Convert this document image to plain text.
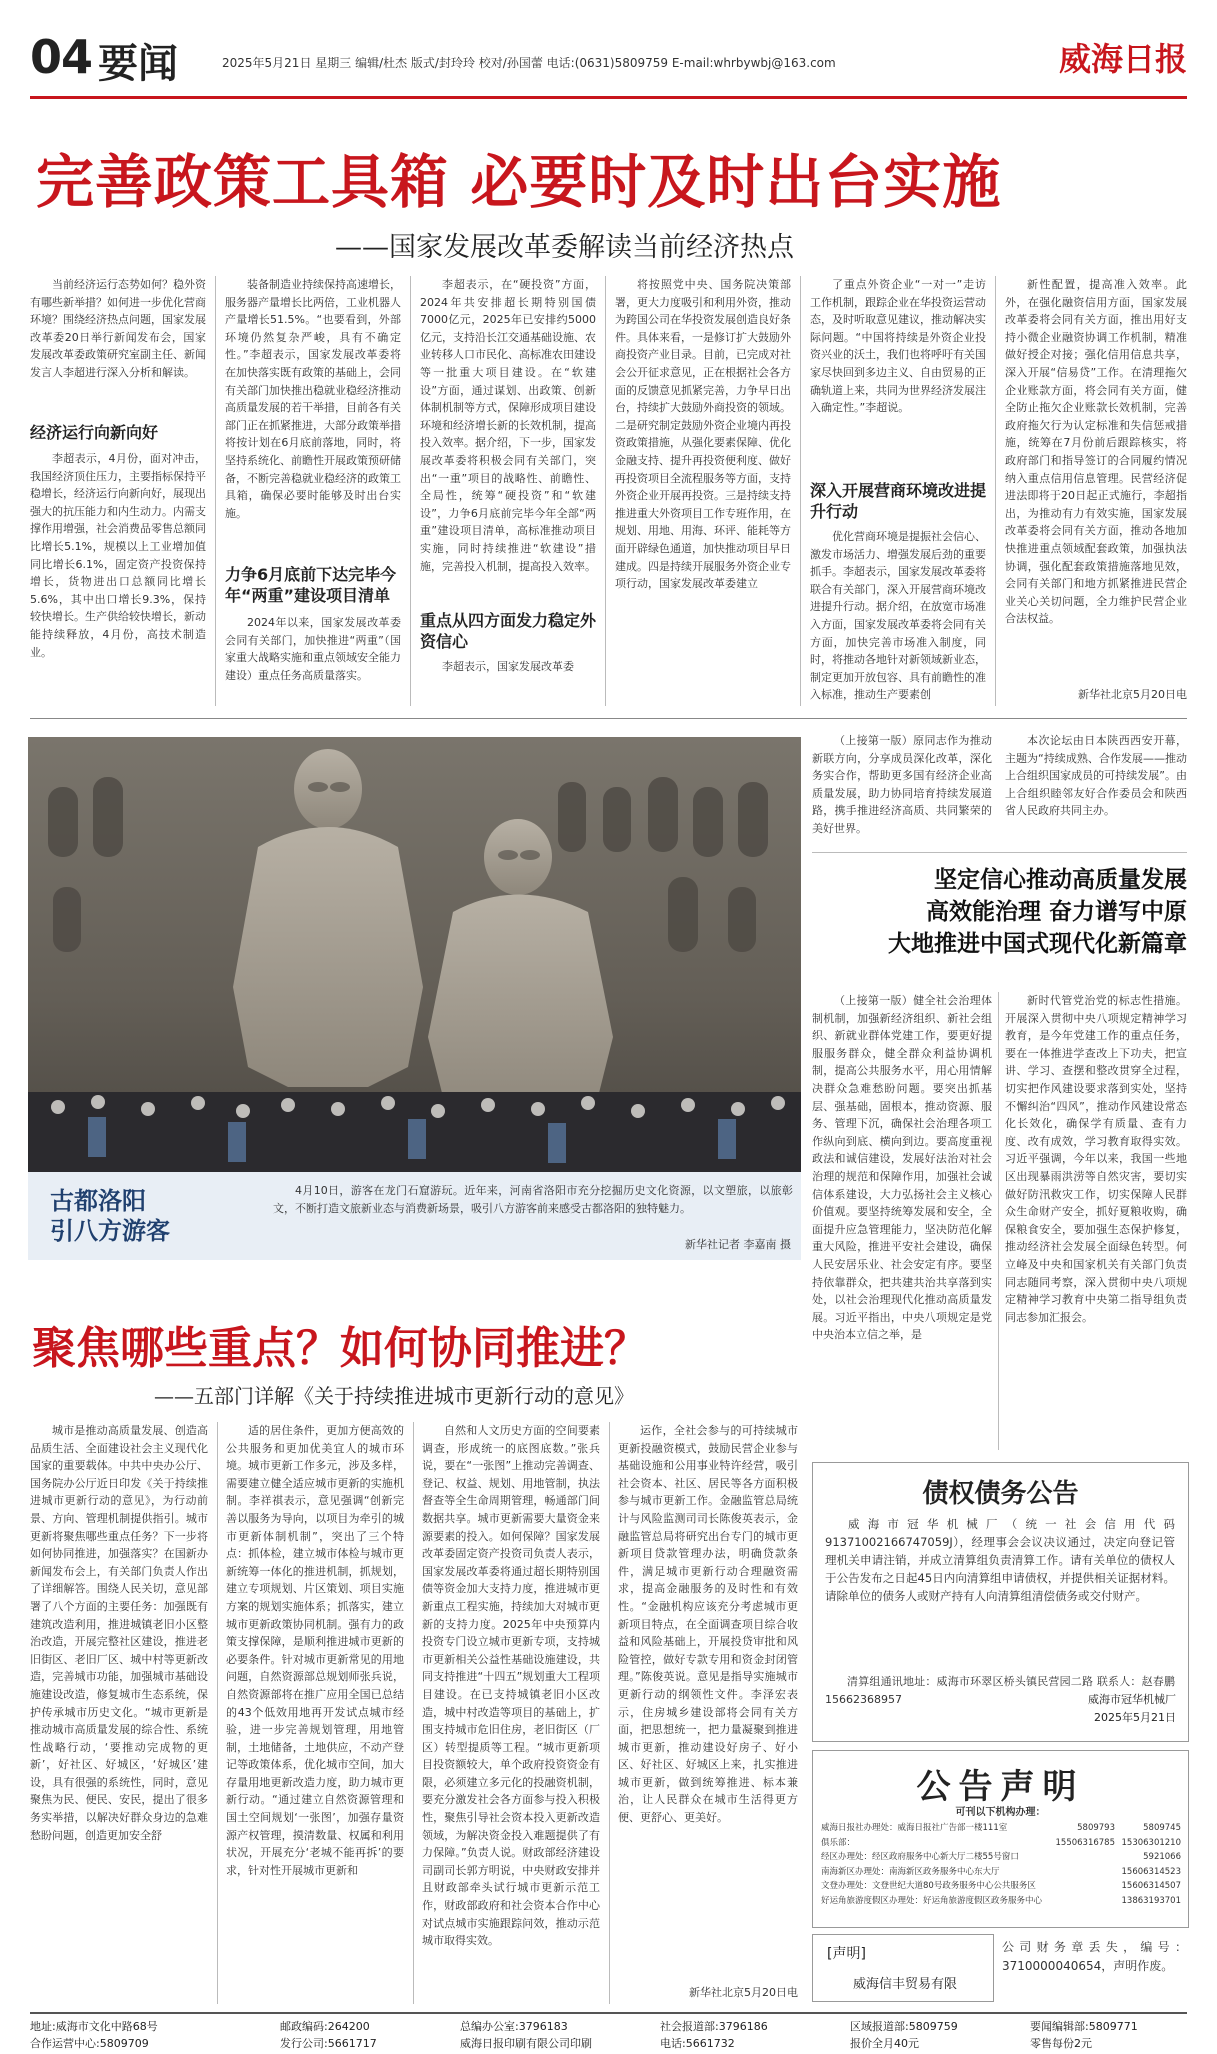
04 要闻	2025年5月21日 星期三 编辑/杜杰 版式/封玲玲 校对/孙国蕾 电话:(0631)5809759 E-mail:whrbywbj@163.com	威海日报
完善政策工具箱 必要时及时出台实施
——国家发展改革委解读当前经济热点

当前经济运行态势如何？稳外资有哪些新举措？如何进一步优化营商环境？围绕经济热点问题，国家发展改革委20日举行新闻发布会，国家发展改革委政策研究室副主任、新闻发言人李超进行深入分析和解读。

经济运行向新向好

李超表示，4月份，面对冲击，我国经济顶住压力，主要指标保持平稳增长，经济运行向新向好，展现出强大的抗压能力和内生动力。内需支撑作用增强，社会消费品零售总额同比增长5.1%，规模以上工业增加值同比增长6.1%，固定资产投资保持增长，货物进出口总额同比增长5.6%，其中出口增长9.3%，保持较快增长。生产供给较快增长，新动能持续释放，4月份，高技术制造业。

装备制造业持续保持高速增长，服务器产量增长比两倍，工业机器人产量增长51.5%。“也要看到，外部环境仍然复杂严峻，具有不确定性。”李超表示，国家发展改革委将在加快落实既有政策的基础上，会同有关部门加快推出稳就业稳经济推动高质量发展的若干举措，目前各有关部门正在抓紧推进，大部分政策举措将按计划在6月底前落地，同时，将坚持系统化、前瞻性开展政策预研储备，不断完善稳就业稳经济的政策工具箱，确保必要时能够及时出台实施。

力争6月底前下达完毕今年“两重”建设项目清单

2024年以来，国家发展改革委会同有关部门，加快推进“两重”（国家重大战略实施和重点领域安全能力建设）重点任务高质量落实。

李超表示，在“硬投资”方面，2024年共安排超长期特别国债7000亿元，2025年已安排约5000亿元，支持沿长江交通基础设施、农业转移人口市民化、高标准农田建设等一批重大项目建设。在“软建设”方面，通过谋划、出政策、创新体制机制等方式，保障形成项目建设环境和经济增长新的长效机制，提高投入效率。据介绍，下一步，国家发展改革委将积极会同有关部门，突出“一重”项目的战略性、前瞻性、全局性，统筹“硬投资”和“软建设”，力争6月底前完毕今年全部“两重”建设项目清单，高标准推动项目实施，同时持续推进“软建设”措施，完善投入机制，提高投入效率。

重点从四方面发力稳定外资信心

李超表示，国家发展改革委

将按照党中央、国务院决策部署，更大力度吸引和利用外资，推动为跨国公司在华投资发展创造良好条件。具体来看，一是修订扩大鼓励外商投资产业目录。目前，已完成对社会公开征求意见，正在根据社会各方面的反馈意见抓紧完善，力争早日出台，持续扩大鼓励外商投资的领域。二是研究制定鼓励外资企业境内再投资政策措施，从强化要素保障、优化金融支持、提升再投资便利度、做好再投资项目全流程服务等方面，支持外资企业开展再投资。三是持续支持推进重大外资项目工作专班作用，在规划、用地、用海、环评、能耗等方面开辟绿色通道，加快推动项目早日建成。四是持续开展服务外资企业专项行动，国家发展改革委建立

了重点外资企业“一对一”走访工作机制，跟踪企业在华投资运营动态，及时听取意见建议，推动解决实际问题。“中国将持续是外资企业投资兴业的沃土，我们也将呼吁有关国家尽快回到多边主义、自由贸易的正确轨道上来，共同为世界经济发展注入确定性。”李超说。

深入开展营商环境改进提升行动

优化营商环境是提振社会信心、激发市场活力、增强发展后劲的重要抓手。李超表示，国家发展改革委将联合有关部门，深入开展营商环境改进提升行动。据介绍，在放宽市场准入方面，国家发展改革委将会同有关方面，加快完善市场准入制度，同时，将推动各地针对新领域新业态，制定更加开放包容、具有前瞻性的准入标准，推动生产要素创

新性配置，提高准入效率。此外，在强化融资信用方面，国家发展改革委将会同有关方面，推出用好支持小微企业融资协调工作机制，精准做好授企对接；强化信用信息共享，深入开展“信易贷”工作。在清理拖欠企业账款方面，将会同有关方面，健全防止拖欠企业账款长效机制，完善政府拖欠行为认定标准和失信惩戒措施，统筹在7月份前后跟踪核实，将政府部门和指导签订的合同履约情况纳入重点信用信息管理。民营经济促进法即将于20日起正式施行，李超指出，为推动有力有效实施，国家发展改革委将会同有关方面，推动各地加快推进重点领域配套政策，加强执法协调，强化配套政策措施落地见效，会同有关部门和地方抓紧推进民营企业关心关切问题，全力维护民营企业合法权益。

新华社北京5月20日电
古都洛阳
引八方游客

4月10日，游客在龙门石窟游玩。近年来，河南省洛阳市充分挖掘历史文化资源，以文塑旅，以旅彰文，不断打造文旅新业态与消费新场景，吸引八方游客前来感受古都洛阳的独特魅力。

新华社记者 李嘉南 摄

（上接第一版）原同志作为推动新联方向，分享成员深化改革，深化务实合作，帮助更多国有经济企业高质量发展，助力协同培育持续发展道路，携手推进经济高质、共同繁荣的美好世界。

本次论坛由日本陕西西安开幕，主题为“持续成熟、合作发展——推动上合组织国家成员的可持续发展”。由上合组织睦邻友好合作委员会和陕西省人民政府共同主办。

坚定信心推动高质量发展
高效能治理 奋力谱写中原
大地推进中国式现代化新篇章

（上接第一版）健全社会治理体制机制，加强新经济组织、新社会组织、新就业群体党建工作，要更好提服服务群众，健全群众利益协调机制，提高公共服务水平，用心用情解决群众急难愁盼问题。要突出抓基层、强基础，固根本，推动资源、服务、管理下沉，确保社会治理各项工作纵向到底、横向到边。要高度重视政法和诚信建设，发展好法治对社会治理的规范和保障作用，加强社会诚信体系建设，大力弘扬社会主义核心价值观。要坚持统筹发展和安全，全面提升应急管理能力，坚决防范化解重大风险，推进平安社会建设，确保人民安居乐业、社会安定有序。要坚持依靠群众，把共建共治共享落到实处，以社会治理现代化推动高质量发展。习近平指出，中央八项规定是党中央治本立信之举，是

新时代管党治党的标志性措施。开展深入贯彻中央八项规定精神学习教育，是今年党建工作的重点任务，要在一体推进学查改上下功夫，把宣讲、学习、查摆和整改贯穿全过程，切实把作风建设要求落到实处，坚持不懈纠治“四风”，推动作风建设常态化长效化，确保学有质量、查有力度、改有成效，学习教育取得实效。习近平强调，今年以来，我国一些地区出现暴雨洪涝等自然灾害，要切实做好防汛救灾工作，切实保障人民群众生命财产安全，抓好夏粮收购，确保粮食安全，要加强生态保护修复，推动经济社会发展全面绿色转型。何立峰及中央和国家机关有关部门负责同志随同考察，深入贯彻中央八项规定精神学习教育中央第二指导组负责同志参加汇报会。

聚焦哪些重点？如何协同推进？
——五部门详解《关于持续推进城市更新行动的意见》

城市是推动高质量发展、创造高品质生活、全面建设社会主义现代化国家的重要载体。中共中央办公厅、国务院办公厅近日印发《关于持续推进城市更新行动的意见》，为行动前景、方向、管理机制提供指引。城市更新将聚焦哪些重点任务？下一步将如何协同推进，加强落实？在国新办新闻发布会上，有关部门负责人作出了详细解答。围绕人民关切，意见部署了八个方面的主要任务：加强既有建筑改造利用，推进城镇老旧小区整治改造，开展完整社区建设，推进老旧街区、老旧厂区、城中村等更新改造，完善城市功能，加强城市基础设施建设改造，修复城市生态系统，保护传承城市历史文化。“城市更新是推动城市高质量发展的综合性、系统性战略行动，‘要推动完成物的更新’，好社区、好城区，‘好城区’建设，具有很强的系统性，同时，意见聚焦为民、便民、安民，提出了很多务实举措，以解决好群众身边的急难愁盼问题，创造更加安全舒

适的居住条件，更加方便高效的公共服务和更加优美宜人的城市环境。城市更新工作多元，涉及多样，需要建立健全适应城市更新的实施机制。李祥祺表示，意见强调“创新完善以服务为导向，以项目为牵引的城市更新体制机制”，突出了三个特点：抓体检，建立城市体检与城市更新统筹一体化的推进机制，抓规划，建立专项规划、片区策划、项目实施方案的规划实施体系；抓落实，建立城市更新政策协同机制。强有力的政策支撑保障，是顺利推进城市更新的必要条件。针对城市更新常见的用地问题，自然资源部总规划师张兵说，自然资源部将在推广应用全国已总结的43个低效用地再开发试点城市经验，进一步完善规划管理，用地管制，土地储备，土地供应，不动产登记等政策体系，优化城市空间，加大存量用地更新改造力度，助力城市更新行动。“通过建立自然资源管理和国土空间规划‘一张图’，加强存量资源产权管理，摸清数量、权属和利用状况，开展充分‘老城不能再拆’的要求，针对性开展城市更新和

自然和人文历史方面的空间要素调查，形成统一的底图底数。”张兵说，要在“一张图”上推动完善调查、登记、权益、规划、用地管制，执法督查等全生命周期管理，畅通部门间数据共享。城市更新需要大量资金来源要素的投入。如何保障？国家发展改革委固定资产投资司负责人表示，国家发展改革委将通过超长期特别国债等资金加大支持力度，推进城市更新重点工程实施，持续加大对城市更新的支持力度。2025年中央预算内投资专门设立城市更新专项，支持城市更新相关公益性基础设施建设，共同支持推进“十四五”规划重大工程项目建设。在已支持城镇老旧小区改造，城中村改造等项目的基础上，扩围支持城市危旧住房，老旧街区（厂区）转型提质等工程。“城市更新项目投资额较大，单个政府投资资金有限，必须建立多元化的投融资机制，要充分激发社会各方面参与投入积极性，聚焦引导社会资本投入更新改造领域，为解决资金投入难题提供了有力保障。”负责人说。财政部经济建设司副司长郭方明说，中央财政安排并且财政部牵头试行城市更新示范工作，财政部政府和社会资本合作中心对试点城市实施跟踪问效，推动示范城市取得实效。

运作，全社会参与的可持续城市更新投融资模式，鼓励民营企业参与基础设施和公用事业特许经营，吸引社会资本、社区、居民等各方面积极参与城市更新工作。金融监管总局统计与风险监测司司长陈俊英表示，金融监管总局将研究出台专门的城市更新项目贷款管理办法，明确贷款条件，满足城市更新行动合理融资需求，提高金融服务的及时性和有效性。“金融机构应该充分考虑城市更新项目特点，在全面调查项目综合收益和风险基础上，开展投贷审批和风险管控，做好专款专用和资金封闭管理。”陈俊英说。意见是指导实施城市更新行动的纲领性文件。李泽宏表示，住房城乡建设部将会同有关方面，把思想统一，把力量凝聚到推进城市更新，推动建设好房子、好小区、好社区、好城区上来，扎实推进城市更新，做到统筹推进、标本兼治，让人民群众在城市生活得更方便、更舒心、更美好。

新华社北京5月20日电
债权债务公告

威海市冠华机械厂（统一社会信用代码91371002166747059J），经理事会会议决议通过，决定向登记管理机关申请注销，并成立清算组负责清算工作。请有关单位的债权人于公告发布之日起45日内向清算组申请债权，并提供相关证据材料。请除单位的债务人或财产持有人向清算组清偿债务或交付财产。

清算组通讯地址：威海市环翠区桥头镇民营园二路 联系人：赵春鹏 15662368957	威海市冠华机械厂
2025年5月21日
公告声明
可刊以下机构办理：
威海日报社办理处：威海日报社广告部一楼111室	5809793	5809745
俱乐部：	15506316785 15306301210
经区办理处：经区政府服务中心新大厅二楼55号窗口	5921066
南海新区办理处：南海新区政务服务中心东大厅	15606314523
文登办理处：文登世纪大道80号政务服务中心公共服务区	15606314507
好运角旅游度假区办理处：好运角旅游度假区政务服务中心	13863193701
[声明]
威海信丰贸易有限

公司财务章丢失，编号：3710000040654，声明作废。

地址:威海市文化中路68号	邮政编码:264200	总编办公室:3796183	社会报道部:3796186	区域报道部:5809759	要闻编辑部:5809771
合作运营中心:5809709	发行公司:5661717	威海日报印刷有限公司印刷	电话:5661732	报价全月40元	零售每份2元
